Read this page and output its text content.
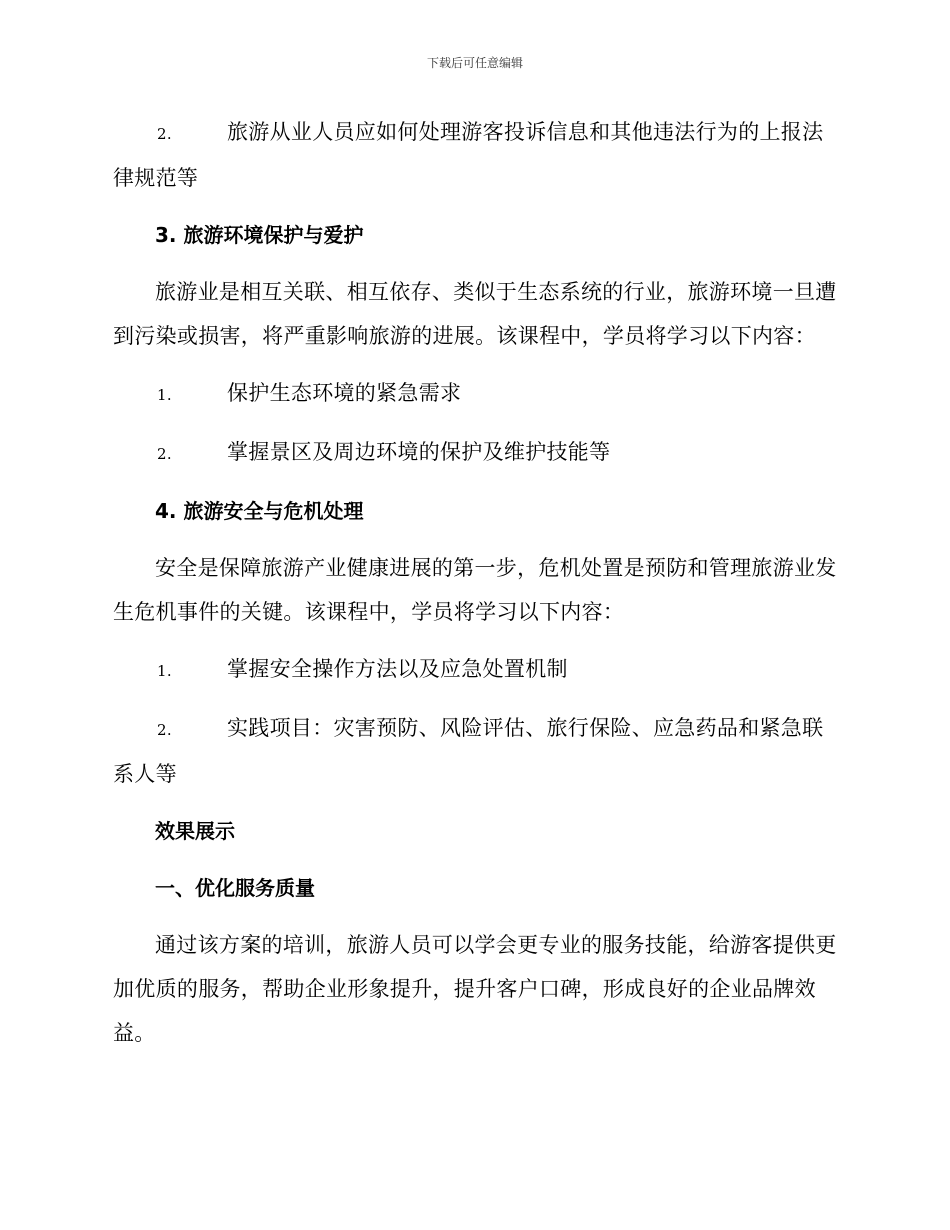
下载后可任意编辑
2.	旅游从业人员应如何处理游客投诉信息和其他违法行为的上报法律规范等
3. 旅游环境保护与爱护

旅游业是相互关联、相互依存、类似于生态系统的行业，旅游环境一旦遭到污染或损害，将严重影响旅游的进展。该课程中，学员将学习以下内容：

1.	保护生态环境的紧急需求
2.	掌握景区及周边环境的保护及维护技能等
4. 旅游安全与危机处理

安全是保障旅游产业健康进展的第一步，危机处置是预防和管理旅游业发生危机事件的关键。该课程中，学员将学习以下内容：

1.	掌握安全操作方法以及应急处置机制
2.	实践项目：灾害预防、风险评估、旅行保险、应急药品和紧急联系人等
效果展示
一、优化服务质量

通过该方案的培训，旅游人员可以学会更专业的服务技能，给游客提供更加优质的服务，帮助企业形象提升，提升客户口碑，形成良好的企业品牌效益。
